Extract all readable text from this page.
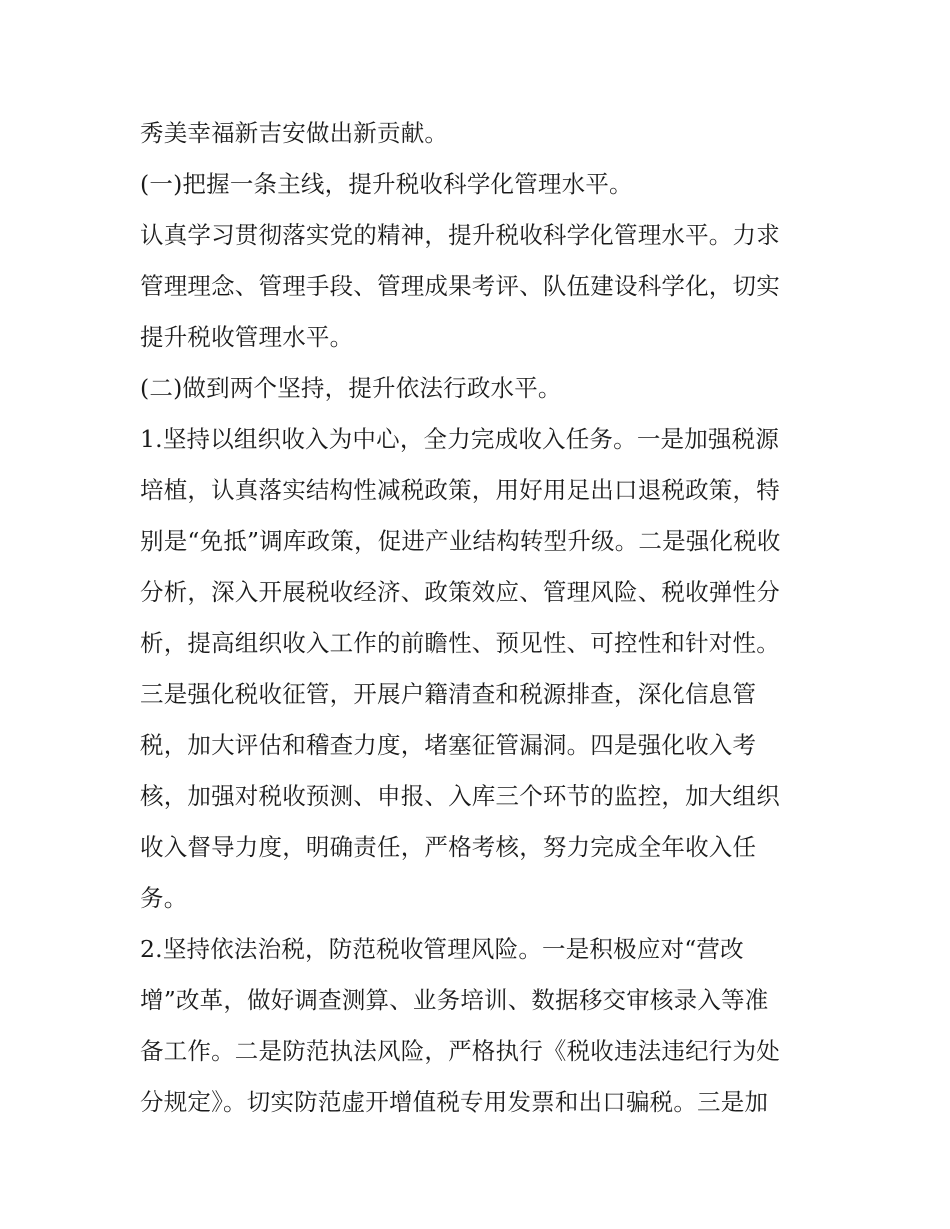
秀美幸福新吉安做出新贡献。
(一)把握一条主线，提升税收科学化管理水平。
认真学习贯彻落实党的精神，提升税收科学化管理水平。力求
管理理念、管理手段、管理成果考评、队伍建设科学化，切实
提升税收管理水平。
(二)做到两个坚持，提升依法行政水平。
1.坚持以组织收入为中心，全力完成收入任务。一是加强税源
培植，认真落实结构性减税政策，用好用足出口退税政策，特
别是“免抵”调库政策，促进产业结构转型升级。二是强化税收
分析，深入开展税收经济、政策效应、管理风险、税收弹性分
析，提高组织收入工作的前瞻性、预见性、可控性和针对性。
三是强化税收征管，开展户籍清查和税源排查，深化信息管
税，加大评估和稽查力度，堵塞征管漏洞。四是强化收入考
核，加强对税收预测、申报、入库三个环节的监控，加大组织
收入督导力度，明确责任，严格考核，努力完成全年收入任
务。
2.坚持依法治税，防范税收管理风险。一是积极应对“营改
增”改革，做好调查测算、业务培训、数据移交审核录入等准
备工作。二是防范执法风险，严格执行《税收违法违纪行为处
分规定》。切实防范虚开增值税专用发票和出口骗税。三是加
